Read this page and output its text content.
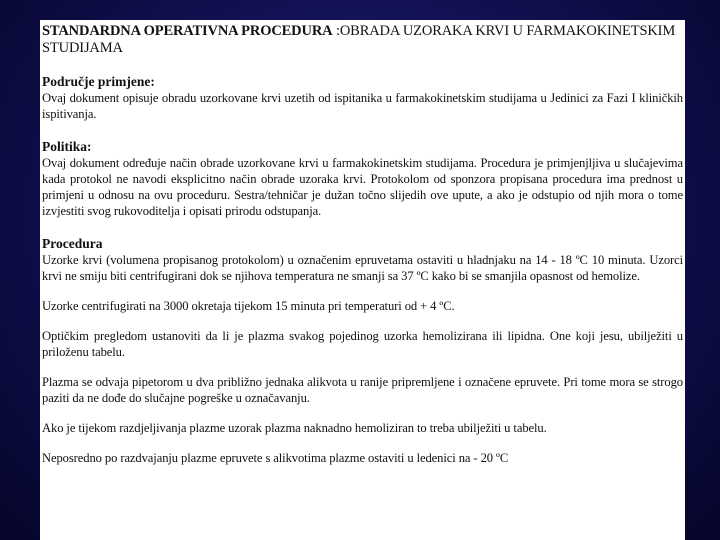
STANDARDNA OPERATIVNA PROCEDURA :OBRADA UZORAKA KRVI U FARMAKOKINETSKIM STUDIJAMA

Područje primjene:

Ovaj dokument opisuje obradu uzorkovane krvi uzetih od ispitanika u farmakokinetskim studijama u Jedinici za Fazi I kliničkih ispitivanja.

Politika:

Ovaj dokument određuje način obrade uzorkovane krvi u farmakokinetskim studijama. Procedura je primjenjljiva u slučajevima kada protokol ne navodi eksplicitno način obrade uzoraka krvi. Protokolom od sponzora propisana procedura ima prednost u primjeni u odnosu na ovu proceduru. Sestra/tehničar je dužan točno slijedih ove upute, a ako je odstupio od njih mora o tome izvjestiti svog rukovoditelja i opisati prirodu odstupanja.

Procedura

Uzorke krvi (volumena propisanog protokolom) u označenim epruvetama ostaviti u hladnjaku na 14 - 18 ºC 10 minuta. Uzorci krvi ne smiju biti centrifugirani dok se njihova temperatura ne smanji sa 37 ºC kako bi se smanjila opasnost od hemolize.

Uzorke centrifugirati na 3000 okretaja tijekom 15 minuta pri temperaturi od + 4 ºC.

Optičkim pregledom ustanoviti da li je plazma svakog pojedinog uzorka hemolizirana ili lipidna. One koji jesu, ubilježiti u priloženu tabelu.

Plazma se odvaja pipetorom u dva približno jednaka alikvota u ranije pripremljene i označene epruvete. Pri tome mora se strogo paziti da ne dođe do slučajne pogreške u označavanju.

Ako je tijekom razdjeljivanja plazme uzorak plazma naknadno hemoliziran to treba ubilježiti u tabelu.

Neposredno po razdvajanju plazme epruvete s alikvotima plazme ostaviti u ledenici na - 20 ºC
